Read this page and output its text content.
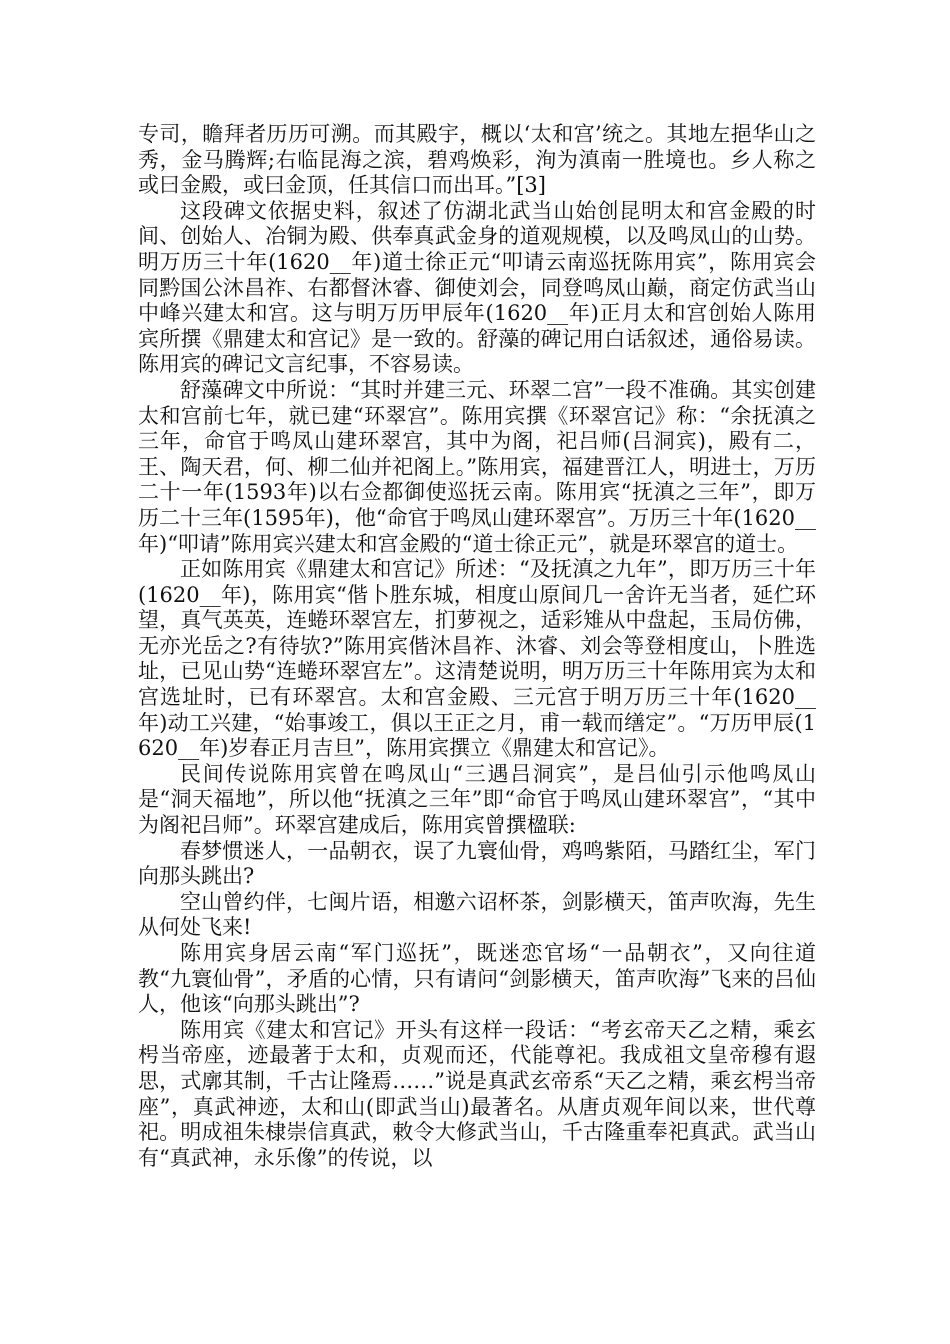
专司，瞻拜者历历可溯。而其殿宇，概以‘太和宫’统之。其地左挹华山之秀，金马腾辉;右临昆海之滨，碧鸡焕彩，洵为滇南一胜境也。乡人称之或曰金殿，或曰金顶，任其信口而出耳。”[3]

这段碑文依据史料，叙述了仿湖北武当山始创昆明太和宫金殿的时间、创始人、冶铜为殿、供奉真武金身的道观规模，以及鸣凤山的山势。明万历三十年(1620__年)道士徐正元“叩请云南巡抚陈用宾”，陈用宾会同黔国公沐昌祚、右都督沐睿、御使刘会，同登鸣凤山巅，商定仿武当山中峰兴建太和宫。这与明万历甲辰年(1620__年)正月太和宫创始人陈用宾所撰《鼎建太和宫记》是一致的。舒藻的碑记用白话叙述，通俗易读。陈用宾的碑记文言纪事，不容易读。

舒藻碑文中所说：“其时并建三元、环翠二宫”一段不准确。其实创建太和宫前七年，就已建“环翠宫”。陈用宾撰《环翠宫记》称：“余抚滇之三年，命官于鸣凤山建环翠宫，其中为阁，祀吕师(吕洞宾)，殿有二，王、陶天君，何、柳二仙并祀阁上。”陈用宾，福建晋江人，明进士，万历二十一年(1593年)以右佥都御使巡抚云南。陈用宾“抚滇之三年”，即万历二十三年(1595年)，他“命官于鸣凤山建环翠宫”。万历三十年(1620__年)“叩请”陈用宾兴建太和宫金殿的“道士徐正元”，就是环翠宫的道士。

正如陈用宾《鼎建太和宫记》所述：“及抚滇之九年”，即万历三十年(1620__年)，陈用宾“偕卜胜东城，相度山原间几一舍许无当者，延伫环望，真气英英，连蜷环翠宫左，扪萝视之，适彩雉从中盘起，玉局仿佛，无亦光岳之?有待欤?”陈用宾偕沐昌祚、沐睿、刘会等登相度山，卜胜选址，已见山势“连蜷环翠宫左”。这清楚说明，明万历三十年陈用宾为太和宫选址时，已有环翠宫。太和宫金殿、三元宫于明万历三十年(1620__年)动工兴建，“始事竣工，俱以王正之月，甫一载而缮定”。“万历甲辰(1620__年)岁春正月吉旦”，陈用宾撰立《鼎建太和宫记》。

民间传说陈用宾曾在鸣凤山“三遇吕洞宾”，是吕仙引示他鸣凤山是“洞天福地”，所以他“抚滇之三年”即“命官于鸣凤山建环翠宫”，“其中为阁祀吕师”。环翠宫建成后，陈用宾曾撰楹联:

春梦惯迷人，一品朝衣，误了九寰仙骨，鸡鸣紫陌，马踏红尘，军门向那头跳出?

空山曾约伴，七闽片语，相邀六诏杯茶，剑影横天，笛声吹海，先生从何处飞来!

陈用宾身居云南“军门巡抚”，既迷恋官场“一品朝衣”，又向往道教“九寰仙骨”，矛盾的心情，只有请问“剑影横天，笛声吹海”飞来的吕仙人，他该“向那头跳出”?

陈用宾《建太和宫记》开头有这样一段话：“考玄帝天乙之精，乘玄枵当帝座，迹最著于太和，贞观而还，代能尊祀。我成祖文皇帝穆有遐思，式廓其制，千古让隆焉……”说是真武玄帝系“天乙之精，乘玄枵当帝座”，真武神迹，太和山(即武当山)最著名。从唐贞观年间以来，世代尊祀。明成祖朱棣崇信真武，敕令大修武当山，千古隆重奉祀真武。武当山有“真武神，永乐像”的传说，以
